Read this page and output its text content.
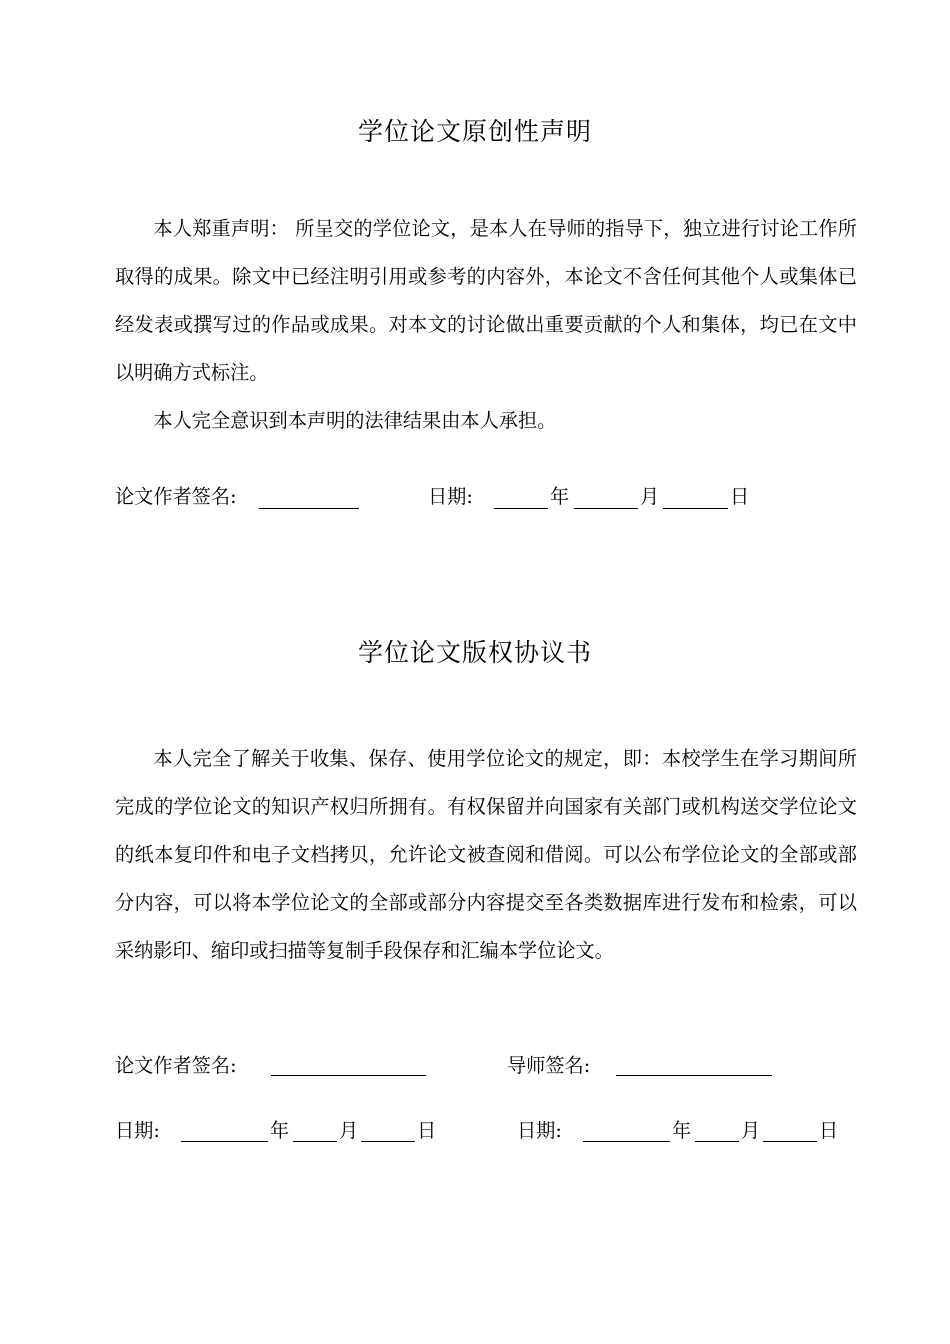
学位论文原创性声明

本人郑重声明： 所呈交的学位论文，是本人在导师的指导下，独立进行讨论工作所取得的成果。除文中已经注明引用或参考的内容外，本论文不含任何其他个人或集体已经发表或撰写过的作品或成果。对本文的讨论做出重要贡献的个人和集体，均已在文中以明确方式标注。

本人完全意识到本声明的法律结果由本人承担。

论文作者签名:	日期:	年	月	日
学位论文版权协议书

本人完全了解关于收集、保存、使用学位论文的规定，即：本校学生在学习期间所完成的学位论文的知识产权归所拥有。有权保留并向国家有关部门或机构送交学位论文的纸本复印件和电子文档拷贝，允许论文被查阅和借阅。可以公布学位论文的全部或部分内容，可以将本学位论文的全部或部分内容提交至各类数据库进行发布和检索，可以采纳影印、缩印或扫描等复制手段保存和汇编本学位论文。

论文作者签名:	导师签名:
日期:	年	月	日	日期:	年	月	日
